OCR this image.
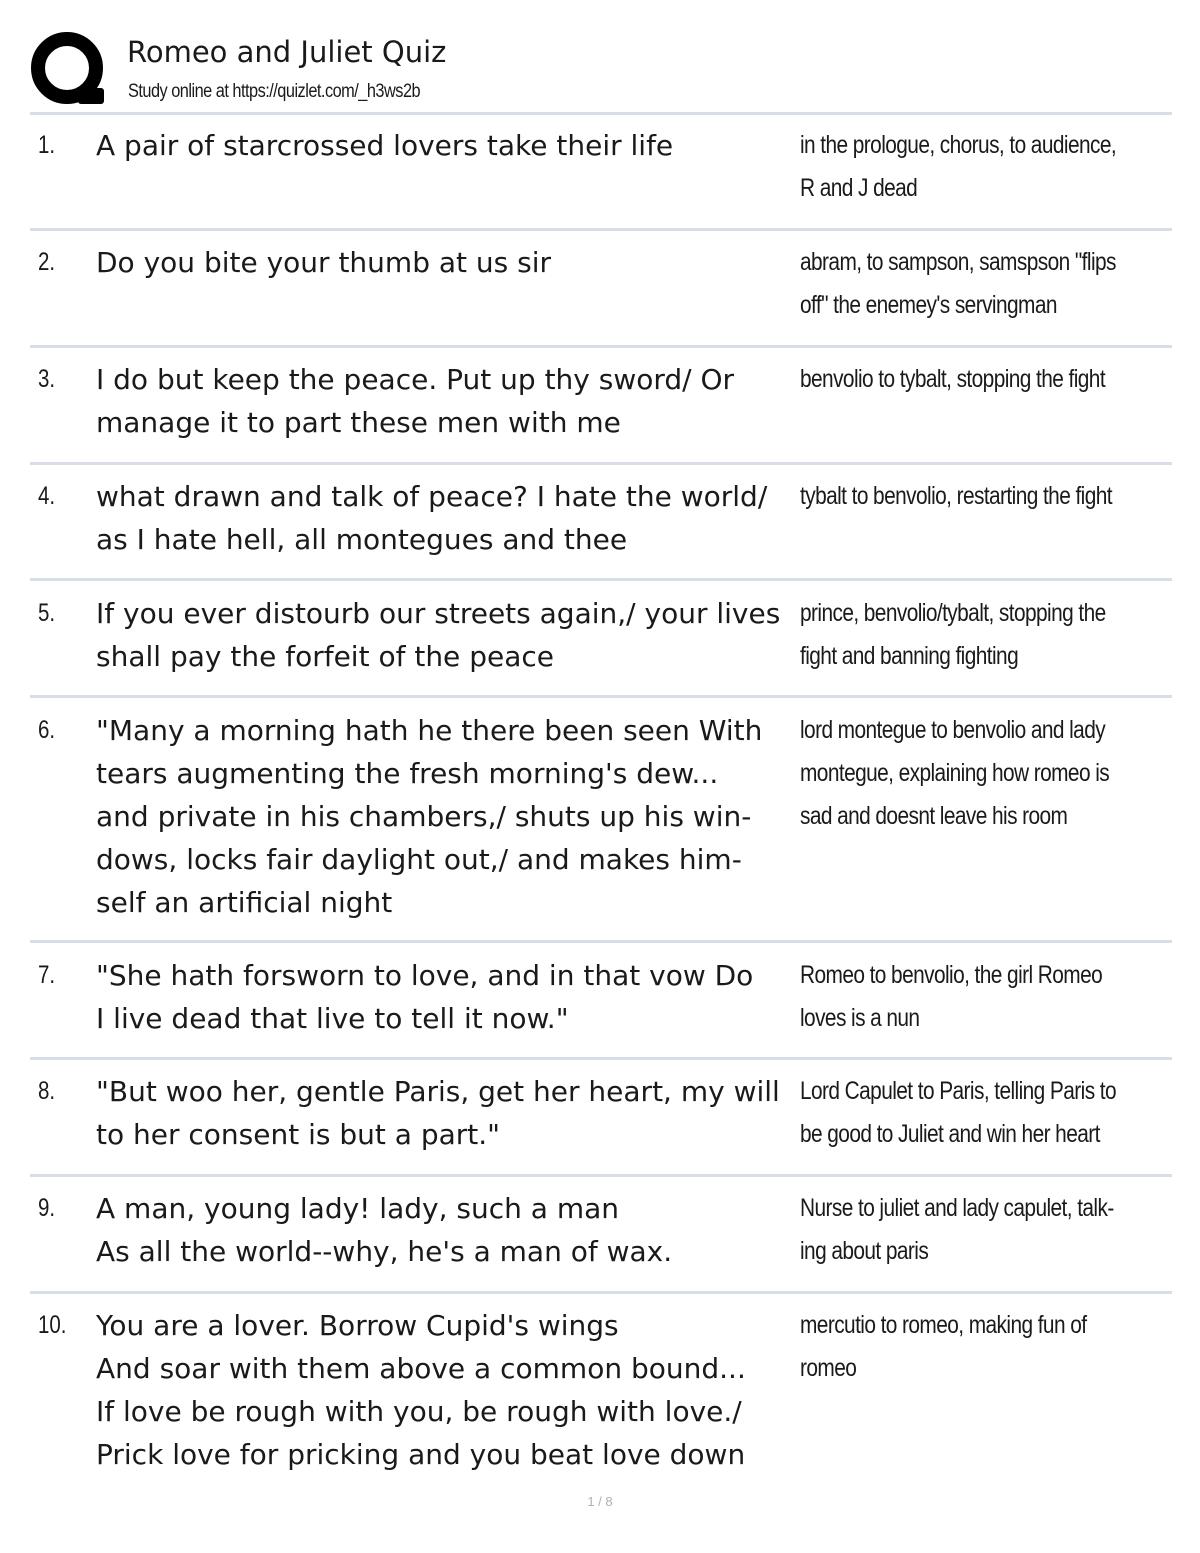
Romeo and Juliet Quiz
Study online at https://quizlet.com/_h3ws2b
1. A pair of starcrossed lovers take their life	in the prologue, chorus, to audience,
R and J dead
2. Do you bite your thumb at us sir	abram, to sampson, samspson "flips
off" the enemey's servingman
3. I do but keep the peace. Put up thy sword/ Or
manage it to part these men with me
benvolio to tybalt, stopping the fight
4. what drawn and talk of peace? I hate the world/
as I hate hell, all montegues and thee
tybalt to benvolio, restarting the fight
5. If you ever distourb our streets again,/ your lives
shall pay the forfeit of the peace
prince, benvolio/tybalt, stopping the
fight and banning fighting
6. "Many a morning hath he there been seen With
tears augmenting the fresh morning's dew...
and private in his chambers,/ shuts up his win-
dows, locks fair daylight out,/ and makes him-
self an artificial night
lord montegue to benvolio and lady
montegue, explaining how romeo is
sad and doesnt leave his room
7. "She hath forsworn to love, and in that vow Do
I live dead that live to tell it now."
Romeo to benvolio, the girl Romeo
loves is a nun
8. "But woo her, gentle Paris, get her heart, my will
to her consent is but a part."
Lord Capulet to Paris, telling Paris to
be good to Juliet and win her heart
9. A man, young lady! lady, such a man
As all the world--why, he's a man of wax.
Nurse to juliet and lady capulet, talk-
ing about paris
10. You are a lover. Borrow Cupid's wings
And soar with them above a common bound...
If love be rough with you, be rough with love./
Prick love for pricking and you beat love down
mercutio to romeo, making fun of
romeo
1 / 8
